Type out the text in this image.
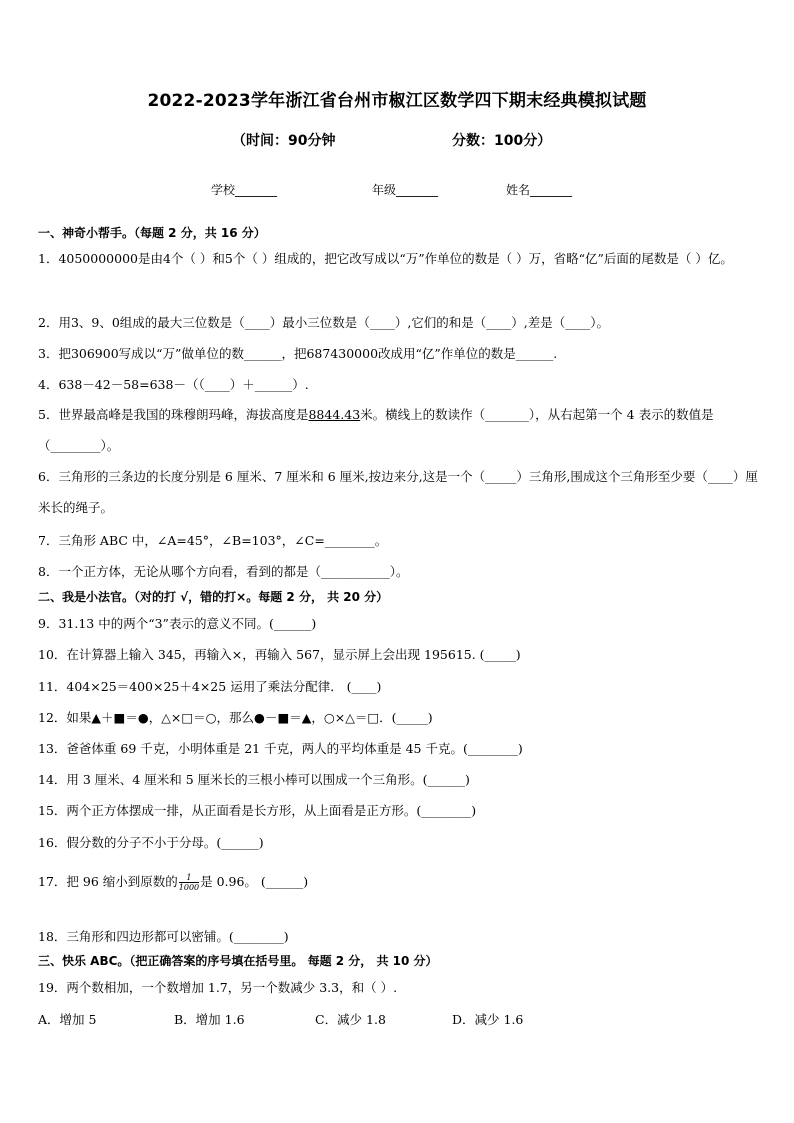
2022-2023学年浙江省台州市椒江区数学四下期末经典模拟试题
（时间：90分钟	分数：100分）
学校_______	年级_______	姓名_______
一、神奇小帮手。（每题 2 分，共 16 分）
1．4050000000是由4个（ ）和5个（ ）组成的，把它改写成以“万”作单位的数是（ ）万，省略“亿”后面的尾数是（ ）亿。
2．用3、9、0组成的最大三位数是（____）最小三位数是（____）,它们的和是（____）,差是（____）。
3．把306900写成以“万”做单位的数______，把687430000改成用“亿”作单位的数是______.
4．638－42－58=638－（（____）＋______）.
5．世界最高峰是我国的珠穆朗玛峰，海拔高度是8844.43米。横线上的数读作（_______），从右起第一个 4 表示的数值是（________）。
6．三角形的三条边的长度分别是 6 厘米、7 厘米和 6 厘米,按边来分,这是一个（_____）三角形,围成这个三角形至少要（____）厘米长的绳子。
7．三角形 ABC 中，∠A=45°，∠B=103°，∠C=________。
8．一个正方体，无论从哪个方向看，看到的都是（___________）。
二、我是小法官。（对的打 √，错的打×。每题 2 分， 共 20 分）
9．31.13 中的两个“3”表示的意义不同。(______)
10．在计算器上输入 345，再输入×，再输入 567，显示屏上会出现 195615. (_____)
11．404×25＝400×25＋4×25 运用了乘法分配律． (____)
12．如果▲＋■＝●，△×□＝○，那么●－■＝▲，○×△＝□．(_____)
13．爸爸体重 69 千克，小明体重是 21 千克，两人的平均体重是 45 千克。(________)
14．用 3 厘米、4 厘米和 5 厘米长的三根小棒可以围成一个三角形。(______)
15．两个正方体摆成一排，从正面看是长方形，从上面看是正方形。(________)
16．假分数的分子不小于分母。(______)
17．把 96 缩小到原数的 $\frac{1}{1000}$ 是 0.96。 (______)
18．三角形和四边形都可以密铺。(________)
三、快乐 ABC。（把正确答案的序号填在括号里。 每题 2 分， 共 10 分）
19．两个数相加，一个数增加 1.7，另一个数减少 3.3，和（ ）.
A．增加 5	B．增加 1.6	C．减少 1.8	D．减少 1.6
